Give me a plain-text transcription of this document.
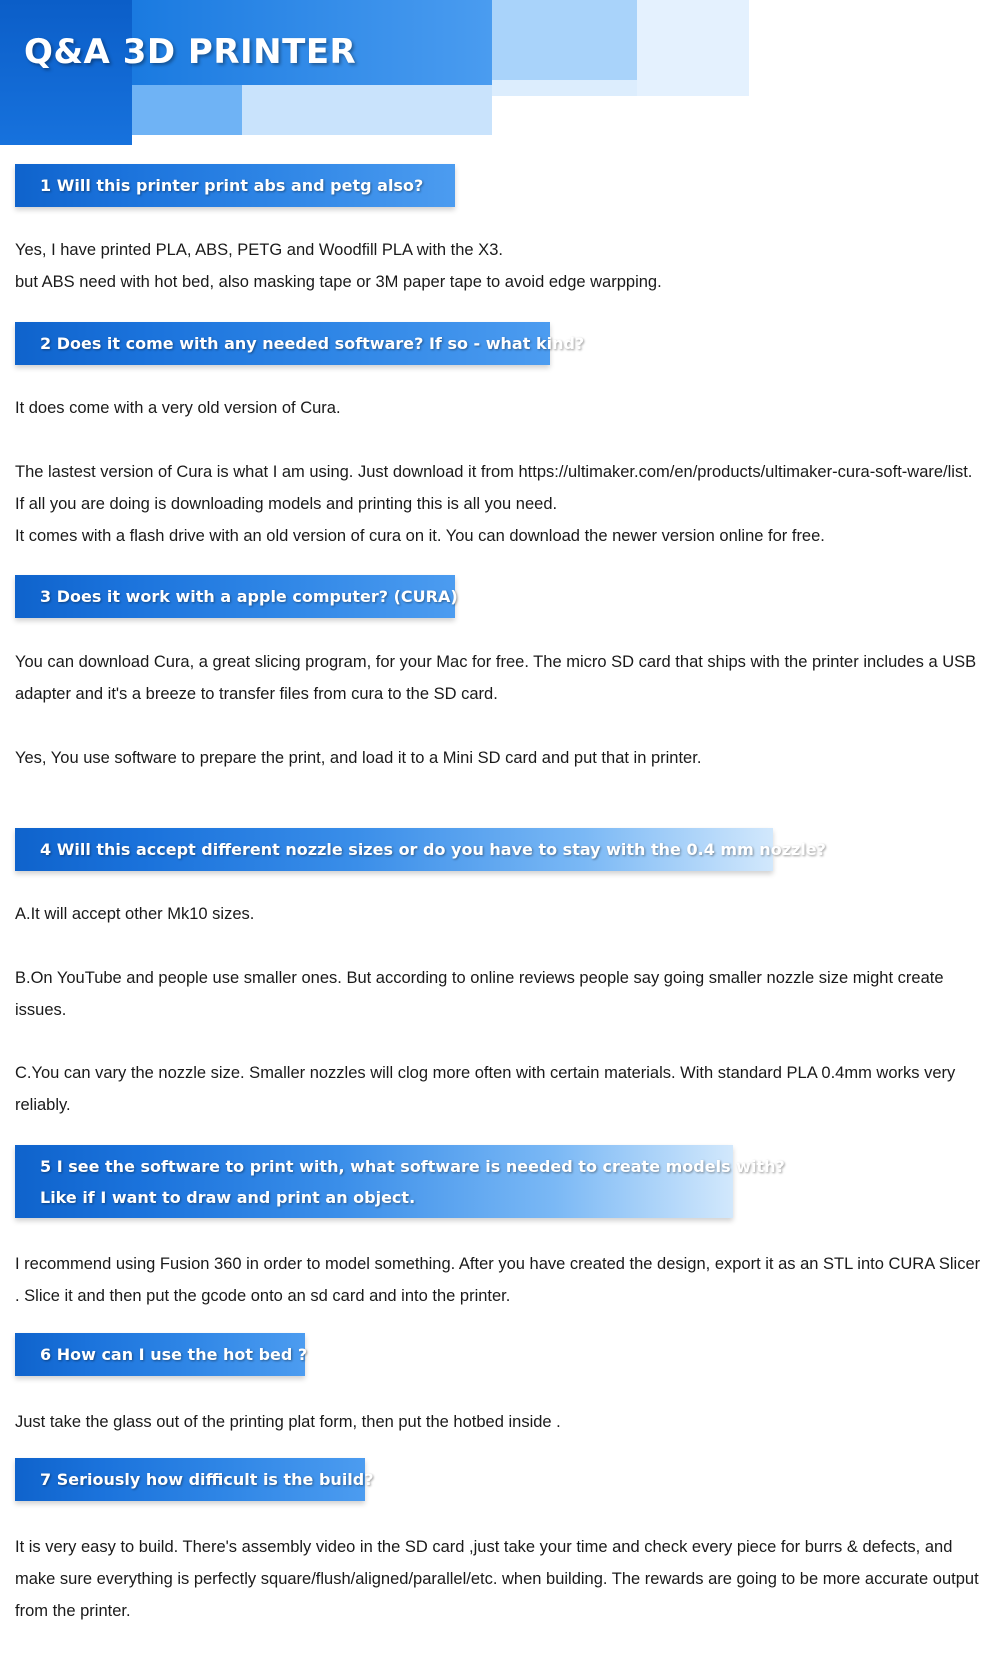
Q&A 3D PRINTER
1 Will this printer print abs and petg also?

Yes, I have printed PLA, ABS, PETG and Woodfill PLA with the X3.

but ABS need with hot bed, also masking tape or 3M paper tape to avoid edge warpping.

2 Does it come with any needed software? If so - what kind?

It does come with a very old version of Cura.

The lastest version of Cura is what I am using. Just download it from https://ultimaker.com/en/products/ultimaker-cura-soft-ware/list. If all you are doing is downloading models and printing this is all you need.

It comes with a flash drive with an old version of cura on it. You can download the newer version online for free.

3 Does it work with a apple computer? (CURA)

You can download Cura, a great slicing program, for your Mac for free. The micro SD card that ships with the printer includes a USB adapter and it's a breeze to transfer files from cura to the SD card.

Yes, You use software to prepare the print, and load it to a Mini SD card and put that in printer.

4 Will this accept different nozzle sizes or do you have to stay with the 0.4 mm nozzle?

A.It will accept other Mk10 sizes.

B.On YouTube and people use smaller ones. But according to online reviews people say going smaller nozzle size might create issues.

C.You can vary the nozzle size. Smaller nozzles will clog more often with certain materials. With standard PLA 0.4mm works very reliably.

5 I see the software to print with, what software is needed to create models with?
Like if I want to draw and print an object.

I recommend using Fusion 360 in order to model something. After you have created the design, export it as an STL into CURA Slicer . Slice it and then put the gcode onto an sd card and into the printer.

6 How can I use the hot bed ?

Just take the glass out of the printing plat form, then put the hotbed inside .

7 Seriously how difficult is the build?

It is very easy to build. There's assembly video in the SD card ,just take your time and check every piece for burrs & defects, and make sure everything is perfectly square/flush/aligned/parallel/etc. when building. The rewards are going to be more accurate output from the printer.
